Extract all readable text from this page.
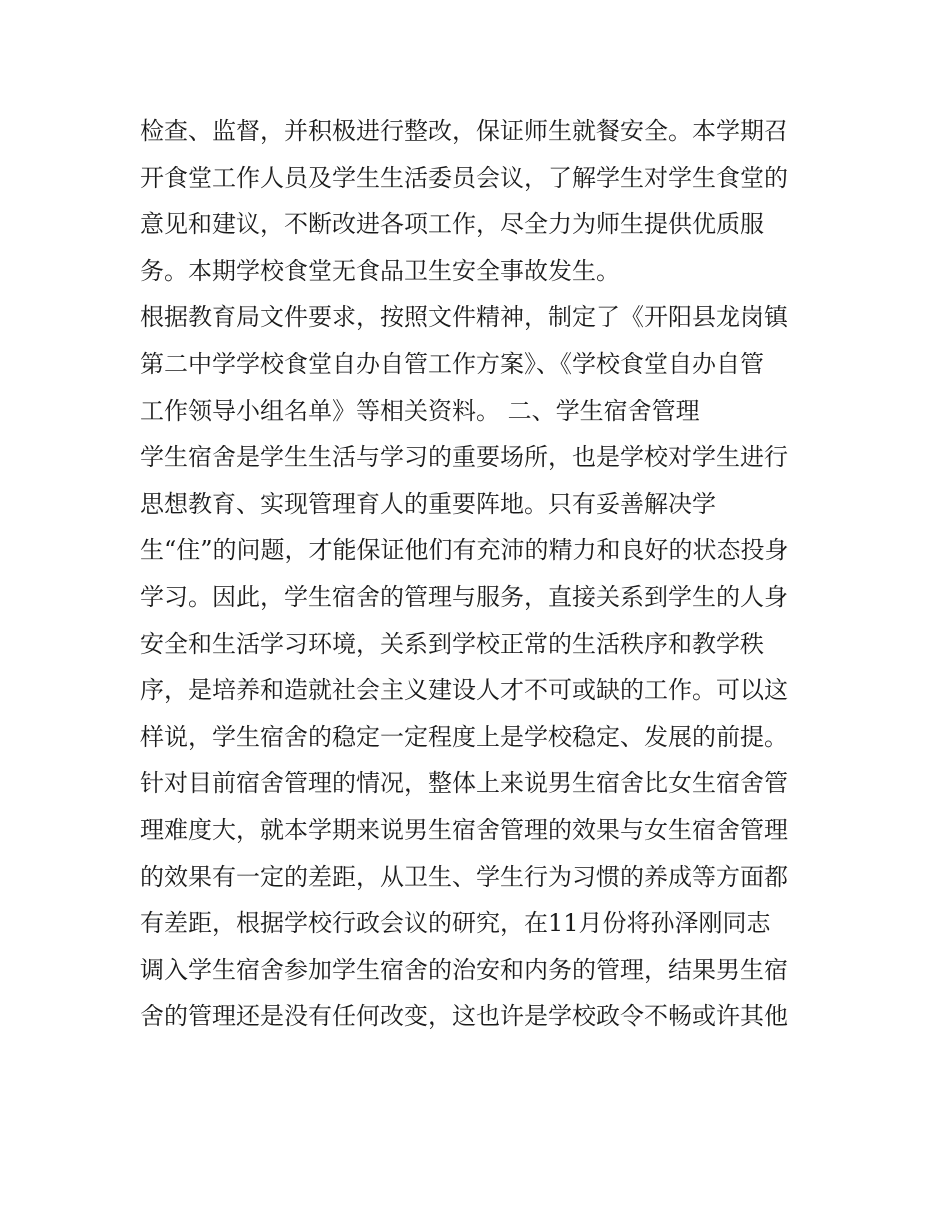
检查、监督，并积极进行整改，保证师生就餐安全。本学期召
开食堂工作人员及学生生活委员会议，了解学生对学生食堂的
意见和建议，不断改进各项工作，尽全力为师生提供优质服
务。本期学校食堂无食品卫生安全事故发生。
根据教育局文件要求，按照文件精神，制定了《开阳县龙岗镇
第二中学学校食堂自办自管工作方案》、《学校食堂自办自管
工作领导小组名单》等相关资料。 二、学生宿舍管理
学生宿舍是学生生活与学习的重要场所，也是学校对学生进行
思想教育、实现管理育人的重要阵地。只有妥善解决学
生“住”的问题，才能保证他们有充沛的精力和良好的状态投身
学习。因此，学生宿舍的管理与服务，直接关系到学生的人身
安全和生活学习环境，关系到学校正常的生活秩序和教学秩
序，是培养和造就社会主义建设人才不可或缺的工作。可以这
样说，学生宿舍的稳定一定程度上是学校稳定、发展的前提。
针对目前宿舍管理的情况，整体上来说男生宿舍比女生宿舍管
理难度大，就本学期来说男生宿舍管理的效果与女生宿舍管理
的效果有一定的差距，从卫生、学生行为习惯的养成等方面都
有差距，根据学校行政会议的研究，在11月份将孙泽刚同志
调入学生宿舍参加学生宿舍的治安和内务的管理，结果男生宿
舍的管理还是没有任何改变，这也许是学校政令不畅或许其他
